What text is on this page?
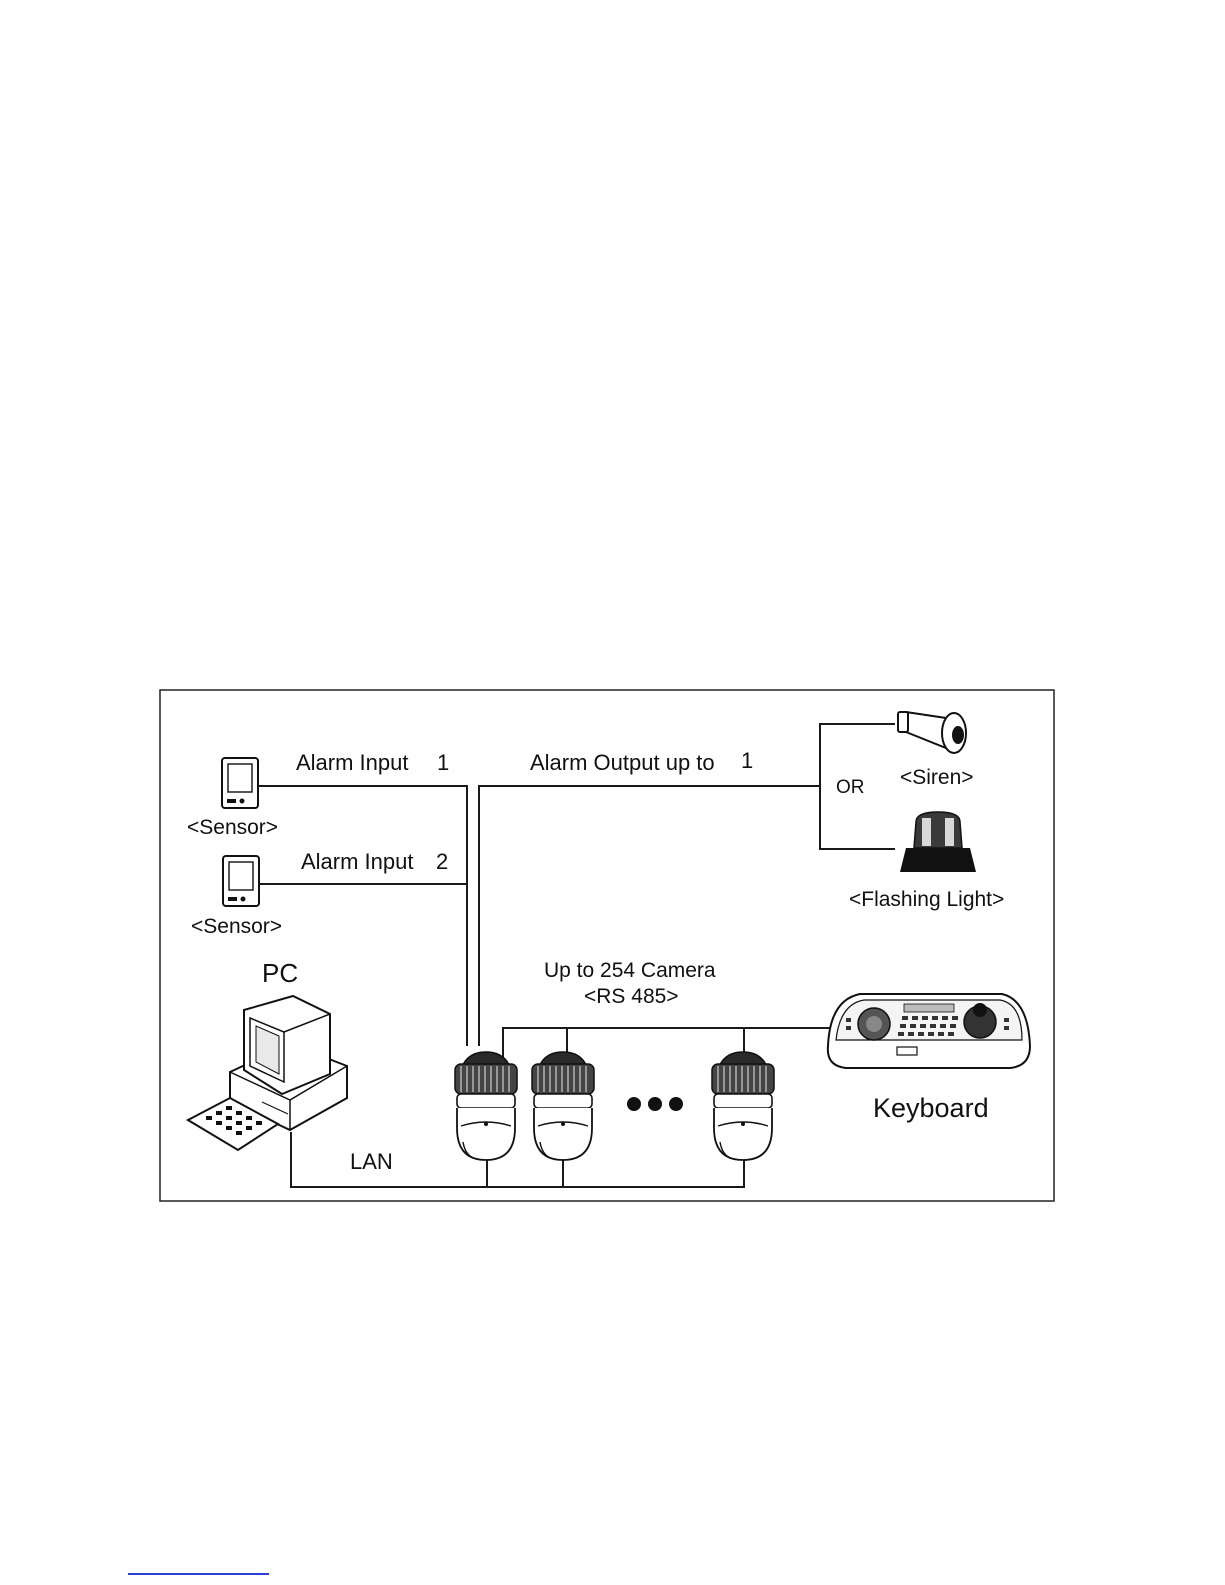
Alarm Input 1
<Sensor>
Alarm Input 2
<Sensor>
Alarm Output up to 1
OR <Siren>
<Flashing Light>
PC	Up to 254 Camera
<RS 485>
Keyboard
LAN
